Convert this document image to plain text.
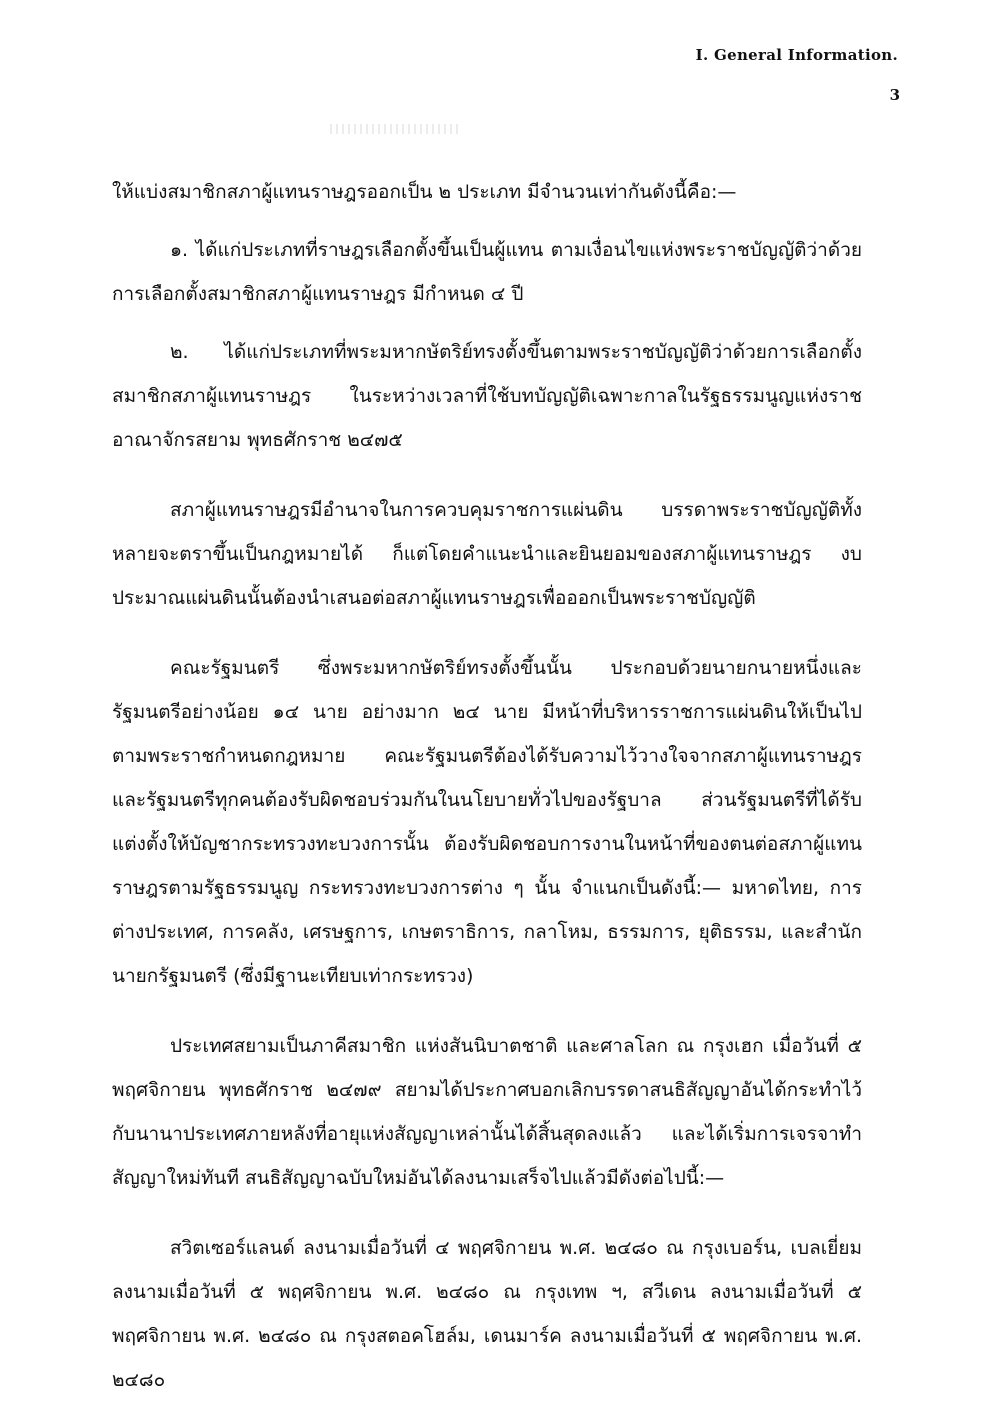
I. General Information.
3

ให้แบ่งสมาชิกสภาผู้แทนราษฎรออกเป็น ๒ ประเภท มีจำนวนเท่ากันดังนี้คือ:—

๑. ได้แก่ประเภทที่ราษฎรเลือกตั้งขึ้นเป็นผู้แทน ตามเงื่อนไขแห่งพระราชบัญญัติว่าด้วยการเลือกตั้งสมาชิกสภาผู้แทนราษฎร มีกำหนด ๔ ปี

๒. ได้แก่ประเภทที่พระมหากษัตริย์ทรงตั้งขึ้นตามพระราชบัญญัติว่าด้วยการเลือกตั้งสมาชิกสภาผู้แทนราษฎร ในระหว่างเวลาที่ใช้บทบัญญัติเฉพาะกาลในรัฐธรรมนูญแห่งราชอาณาจักรสยาม พุทธศักราช ๒๔๗๕

สภาผู้แทนราษฎรมีอำนาจในการควบคุมราชการแผ่นดิน บรรดาพระราชบัญญัติทั้งหลายจะตราขึ้นเป็นกฎหมายได้ ก็แต่โดยคำแนะนำและยินยอมของสภาผู้แทนราษฎร งบประมาณแผ่นดินนั้นต้องนำเสนอต่อสภาผู้แทนราษฎรเพื่อออกเป็นพระราชบัญญัติ

คณะรัฐมนตรี ซึ่งพระมหากษัตริย์ทรงตั้งขึ้นนั้น ประกอบด้วยนายกนายหนึ่งและรัฐมนตรีอย่างน้อย ๑๔ นาย อย่างมาก ๒๔ นาย มีหน้าที่บริหารราชการแผ่นดินให้เป็นไปตามพระราชกำหนดกฎหมาย คณะรัฐมนตรีต้องได้รับความไว้วางใจจากสภาผู้แทนราษฎร และรัฐมนตรีทุกคนต้องรับผิดชอบร่วมกันในนโยบายทั่วไปของรัฐบาล ส่วนรัฐมนตรีที่ได้รับแต่งตั้งให้บัญชากระทรวงทะบวงการนั้น ต้องรับผิดชอบการงานในหน้าที่ของตนต่อสภาผู้แทนราษฎรตามรัฐธรรมนูญ กระทรวงทะบวงการต่าง ๆ นั้น จำแนกเป็นดังนี้:— มหาดไทย, การต่างประเทศ, การคลัง, เศรษฐการ, เกษตราธิการ, กลาโหม, ธรรมการ, ยุติธรรม, และสำนักนายกรัฐมนตรี (ซึ่งมีฐานะเทียบเท่ากระทรวง)

ประเทศสยามเป็นภาคีสมาชิก แห่งสันนิบาตชาติ และศาลโลก ณ กรุงเฮก เมื่อวันที่ ๕ พฤศจิกายน พุทธศักราช ๒๔๗๙ สยามได้ประกาศบอกเลิกบรรดาสนธิสัญญาอันได้กระทำไว้กับนานาประเทศภายหลังที่อายุแห่งสัญญาเหล่านั้นได้สิ้นสุดลงแล้ว และได้เริ่มการเจรจาทำสัญญาใหม่ทันที สนธิสัญญาฉบับใหม่อันได้ลงนามเสร็จไปแล้วมีดังต่อไปนี้:—

สวิตเซอร์แลนด์ ลงนามเมื่อวันที่ ๔ พฤศจิกายน พ.ศ. ๒๔๘๐ ณ กรุงเบอร์น, เบลเยี่ยม ลงนามเมื่อวันที่ ๕ พฤศจิกายน พ.ศ. ๒๔๘๐ ณ กรุงเทพ ฯ, สวีเดน ลงนามเมื่อวันที่ ๕ พฤศจิกายน พ.ศ. ๒๔๘๐ ณ กรุงสตอคโฮล์ม, เดนมาร์ค ลงนามเมื่อวันที่ ๕ พฤศจิกายน พ.ศ. ๒๔๘๐
